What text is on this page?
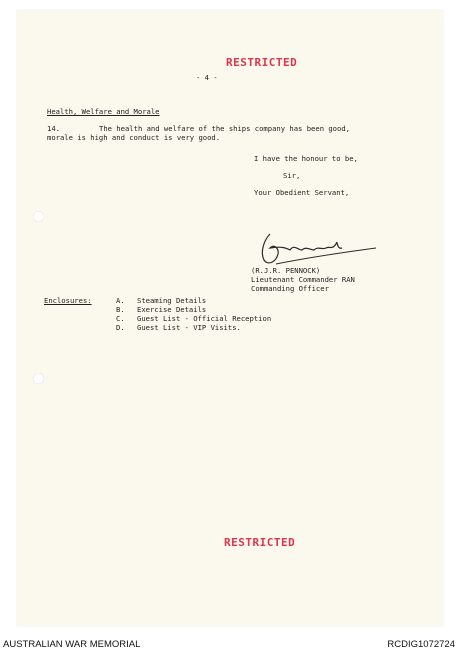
RESTRICTED
- 4 -
Health, Welfare and Morale
14.	The health and welfare of the ships company has been good,
morale is high and conduct is very good.
I have the honour to be,
Sir,
Your Obedient Servant,
(R.J.R. PENNOCK)
Lieutenant Commander RAN
Commanding Officer
Enclosures:	A. Steaming Details
B. Exercise Details
C. Guest List - Official Reception
D. Guest List - VIP Visits.
RESTRICTED
AUSTRALIAN WAR MEMORIAL	RCDIG1072724
